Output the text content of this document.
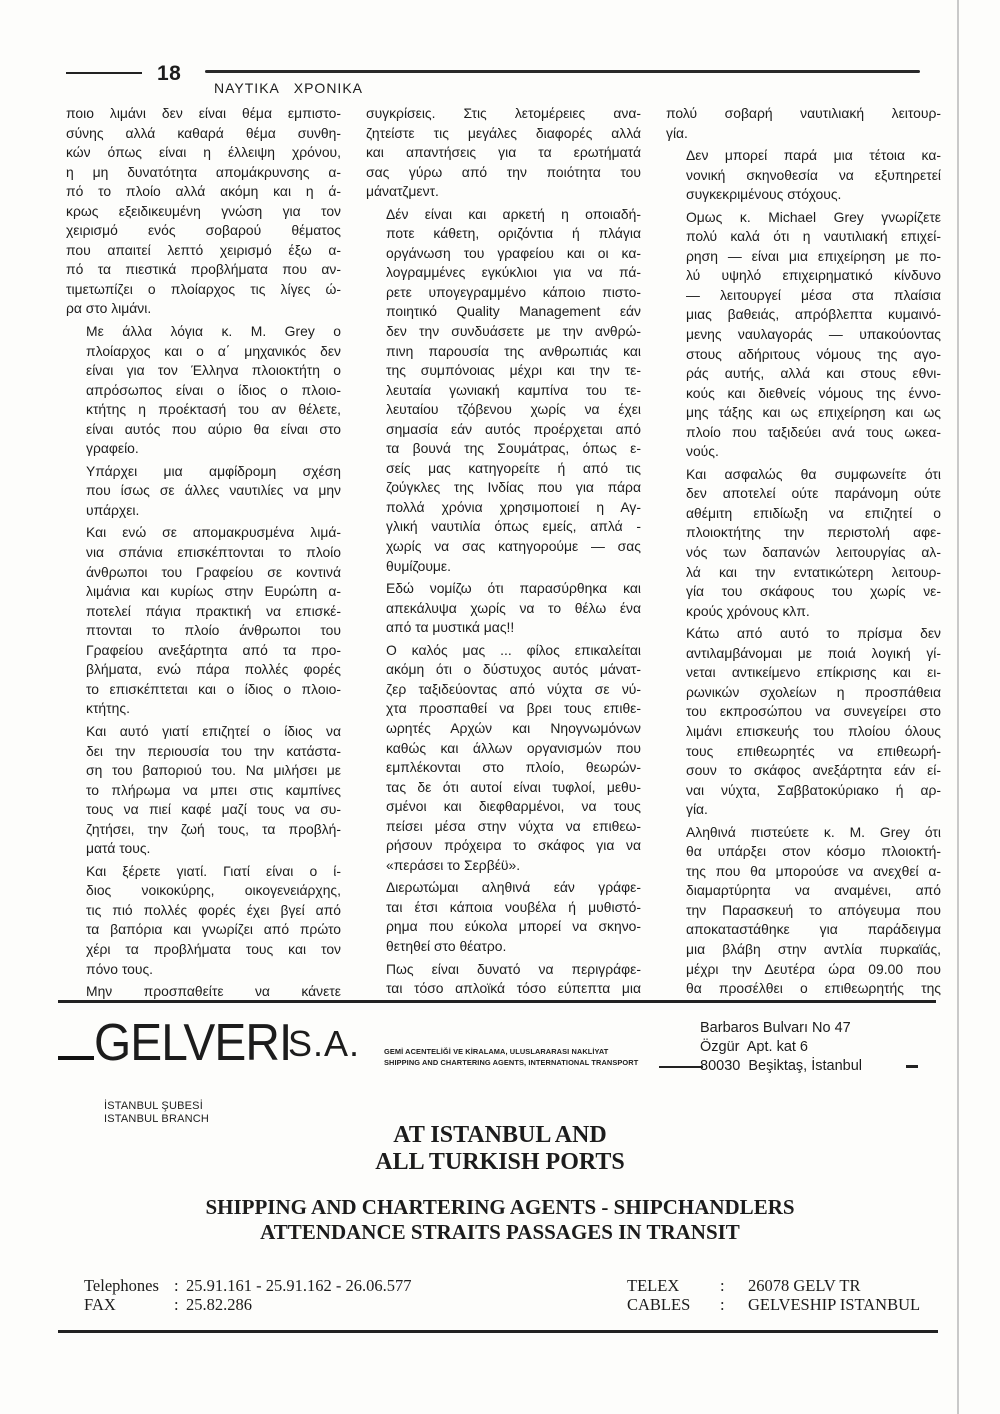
18
ΝΑΥΤΙΚΑ   ΧΡΟΝΙΚΑ

ποιο λιμάνι δεν είναι θέμα εμπιστο-
σύνης αλλά καθαρά θέμα συνθη-
κών όπως είναι η έλλειψη χρόνου,
η μη δυνατότητα απομάκρυνσης α-
πό το πλοίο αλλά ακόμη και η ά-
κρως εξειδικευμένη γνώση για τον
χειρισμό ενός σοβαρού θέματος
που απαιτεί λεπτό χειρισμό έξω α-
πό τα πιεστικά προβλήματα που αν-
τιμετωπίζει ο πλοίαρχος τις λίγες ώ-
ρα στο λιμάνι.

Με άλλα λόγια κ. Μ. Grey ο
πλοίαρχος και ο α΄ μηχανικός δεν
είναι για τον Έλληνα πλοιοκτήτη ο
απρόσωπος είναι ο ίδιος ο πλοιο-
κτήτης η προέκτασή του αν θέλετε,
είναι αυτός που αύριο θα είναι στο
γραφείο.

Υπάρχει μια αμφίδρομη σχέση
που ίσως σε άλλες ναυτιλίες να μην
υπάρχει.

Και ενώ σε απομακρυσμένα λιμά-
νια σπάνια επισκέπτονται το πλοίο
άνθρωποι του Γραφείου σε κοντινά
λιμάνια και κυρίως στην Ευρώπη α-
ποτελεί πάγια πρακτική να επισκέ-
πτονται το πλοίο άνθρωποι του
Γραφείου ανεξάρτητα από τα προ-
βλήματα, ενώ πάρα πολλές φορές
το επισκέπτεται και ο ίδιος ο πλοιο-
κτήτης.

Και αυτό γιατί επιζητεί ο ίδιος να
δει την περιουσία του την κατάστα-
ση του βαποριού του. Να μιλήσει με
το πλήρωμα να μπει στις καμπίνες
τους να πιεί καφέ μαζί τους να συ-
ζητήσει, την ζωή τους, τα προβλή-
ματά τους.

Και ξέρετε γιατί. Γιατί είναι ο ί-
διος νοικοκύρης, οικογενειάρχης,
τις πιό πολλές φορές έχει βγεί από
τα βαπόρια και γνωρίζει από πρώτο
χέρι τα προβλήματα τους και τον
πόνο τους.

Μην προσπαθείτε να κάνετε

συγκρίσεις. Στις λετομέρειες ανα-
ζητείστε τις μεγάλες διαφορές αλλά
και απαντήσεις για τα ερωτήματά
σας γύρω από την ποιότητα του
μάνατζμεντ.

Δέν είναι και αρκετή η οποιαδή-
ποτε κάθετη, οριζόντια ή πλάγια
οργάνωση του γραφείου και οι κα-
λογραμμένες εγκύκλιοι για να πά-
ρετε υπογεγραμμένο κάποιο πιστο-
ποιητικό Quality Management εάν
δεν την συνδυάσετε με την ανθρώ-
πινη παρουσία της ανθρωπιάς και
της συμπόνοιας μέχρι και την τε-
λευταία γωνιακή καμπίνα του τε-
λευταίου τζόβενου χωρίς να έχει
σημασία εάν αυτός προέρχεται από
τα βουνά της Σουμάτρας, όπως ε-
σείς μας κατηγορείτε ή από τις
ζούγκλες της Ινδίας που για πάρα
πολλά χρόνια χρησιμοποιεί η Αγ-
γλική ναυτιλία όπως εμείς, απλά -
χωρίς να σας κατηγορούμε — σας
θυμίζουμε.

Εδώ νομίζω ότι παρασύρθηκα και
απεκάλυψα χωρίς να το θέλω ένα
από τα μυστικά μας!!

Ο καλός μας ... φίλος επικαλείται
ακόμη ότι ο δύστυχος αυτός μάνατ-
ζερ ταξιδεύοντας από νύχτα σε νύ-
χτα προσπαθεί να βρει τους επιθε-
ωρητές Αρχών και Νηογνωμόνων
καθώς και άλλων οργανισμών που
εμπλέκονται στο πλοίο, θεωρών-
τας δε ότι αυτοί είναι τυφλοί, μεθυ-
σμένοι και διεφθαρμένοι, να τους
πείσει μέσα στην νύχτα να επιθεω-
ρήσουν πρόχειρα το σκάφος για να
«περάσει το Σερβέϋ».

Διερωτώμαι αληθινά εάν γράφε-
ται έτσι κάποια νουβέλα ή μυθιστό-
ρημα που εύκολα μπορεί να σκηνο-
θετηθεί στο θέατρο.

Πως είναι δυνατό να περιγράφε-
ται τόσο απλοϊκά τόσο εύπεπτα μια

πολύ σοβαρή ναυτιλιακή λειτουρ-
γία.

Δεν μπορεί παρά μια τέτοια κα-
νονική σκηνοθεσία να εξυπηρετεί
συγκεκριμένους στόχους.

Ομως κ. Michael Grey γνωρίζετε
πολύ καλά ότι η ναυτιλιακή επιχεί-
ρηση — είναι μια επιχείρηση με πο-
λύ υψηλό επιχειρηματικό κίνδυνο
— λειτουργεί μέσα στα πλαίσια
μιας βαθειάς, απρόβλεπτα κυμαινό-
μενης ναυλαγοράς — υπακούοντας
στους αδήριτους νόμους της αγο-
ράς αυτής, αλλά και στους εθνι-
κούς και διεθνείς νόμους της έννο-
μης τάξης και ως επιχείρηση και ως
πλοίο που ταξιδεύει ανά τους ωκεα-
νούς.

Και ασφαλώς θα συμφωνείτε ότι
δεν αποτελεί ούτε παράνομη ούτε
αθέμιτη επιδίωξη να επιζητεί ο
πλοιοκτήτης την περιστολή αφε-
νός των δαπανών λειτουργίας αλ-
λά και την εντατικώτερη λειτουρ-
γία του σκάφους του χωρίς νε-
κρούς χρόνους κλπ.

Κάτω από αυτό το πρίσμα δεν
αντιλαμβάνομαι με ποιά λογική γί-
νεται αντικείμενο επίκρισης και ει-
ρωνικών σχολείων η προσπάθεια
του εκπροσώπου να συνεγείρει στο
λιμάνι επισκευής του πλοίου όλους
τους επιθεωρητές να επιθεωρή-
σουν το σκάφος ανεξάρτητα εάν εί-
ναι νύχτα, Σαββατοκύριακο ή αρ-
γία.

Αληθινά πιστεύετε κ. Μ. Grey ότι
θα υπάρξει στον κόσμο πλοιοκτή-
της που θα μπορούσε να ανεχθεί α-
διαμαρτύρητα να αναμένει, από
την Παρασκευή το απόγευμα που
αποκαταστάθηκε για παράδειγμα
μια βλάβη στην αντλία πυρκαϊάς,
μέχρι την Δευτέρα ώρα 09.00 που
θα προσέλθει ο επιθεωρητής της

GELVERI
S.A.	GEMİ ACENTELİĞİ VE KİRALAMA, ULUSLARARASI NAKLİYAT
SHIPPING AND CHARTERING AGENTS, INTERNATIONAL TRANSPORT
Barbaros Bulvarı No 47
Özgür  Apt. kat 6
80030  Beşiktaş, İstanbul
İSTANBUL ŞUBESİ
ISTANBUL BRANCH
AT ISTANBUL AND
ALL TURKISH PORTS
SHIPPING AND CHARTERING AGENTS - SHIPCHANDLERS
ATTENDANCE STRAITS PASSAGES IN TRANSIT
Telephones : 25.91.161 - 25.91.162 - 26.06.577
FAX	: 25.82.286
TELEX	:	26078 GELV TR
CABLES	:	GELVESHIP ISTANBUL
